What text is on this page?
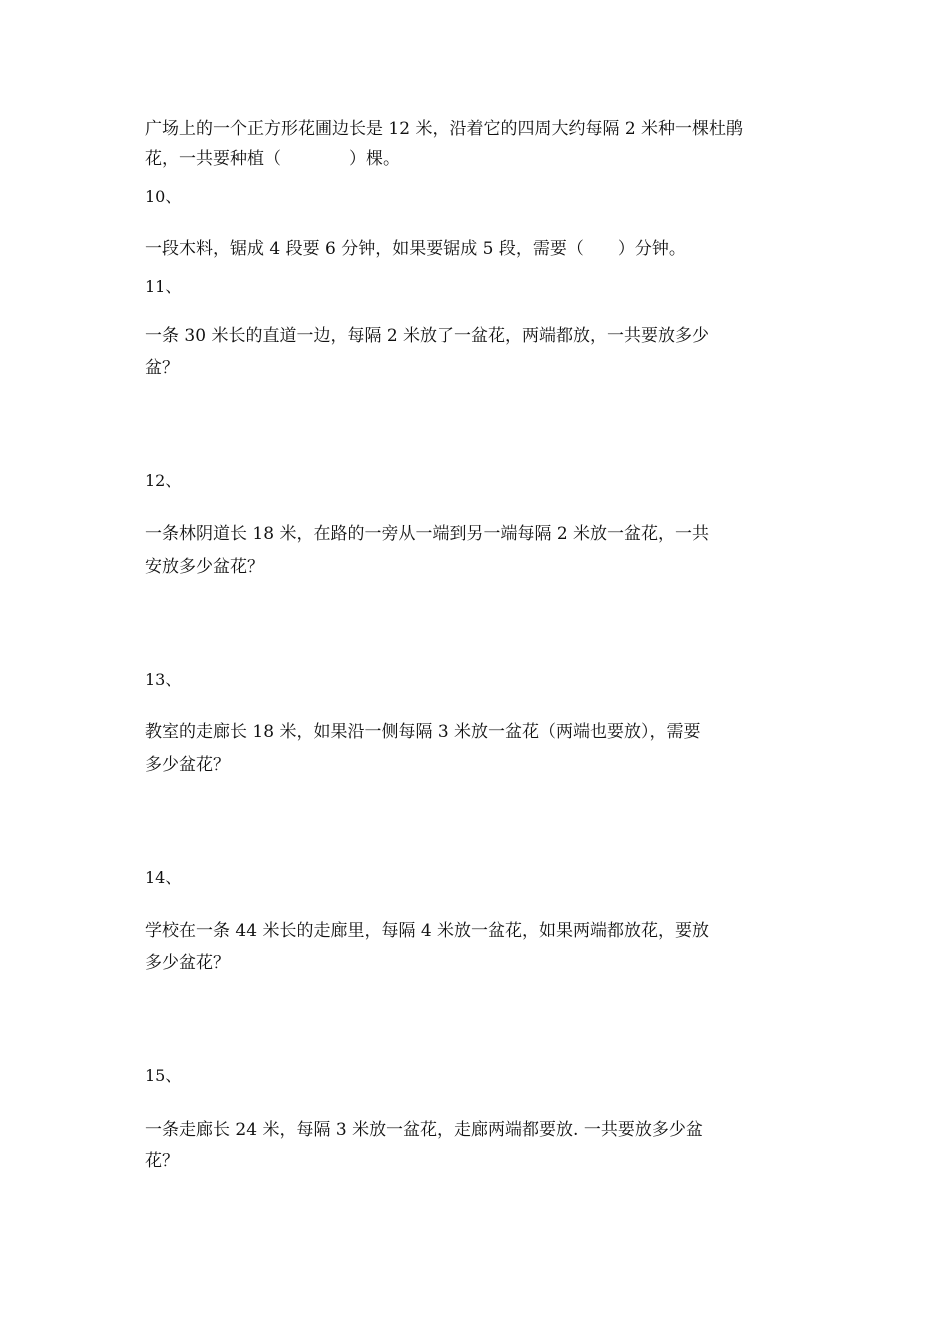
广场上的一个正方形花圃边长是 12 米，沿着它的四周大约每隔 2 米种一棵杜鹃
花，一共要种植（　　　　）棵。
10、
一段木料，锯成 4 段要 6 分钟，如果要锯成 5 段，需要（　　）分钟。
11、
一条 30 米长的直道一边，每隔 2 米放了一盆花，两端都放，一共要放多少
盆？
12、
一条林阴道长 18 米，在路的一旁从一端到另一端每隔 2 米放一盆花，一共
安放多少盆花？
13、
教室的走廊长 18 米，如果沿一侧每隔 3 米放一盆花（两端也要放），需要
多少盆花？
14、
学校在一条 44 米长的走廊里，每隔 4 米放一盆花，如果两端都放花，要放
多少盆花？
15、
一条走廊长 24 米，每隔 3 米放一盆花，走廊两端都要放. 一共要放多少盆
花？
